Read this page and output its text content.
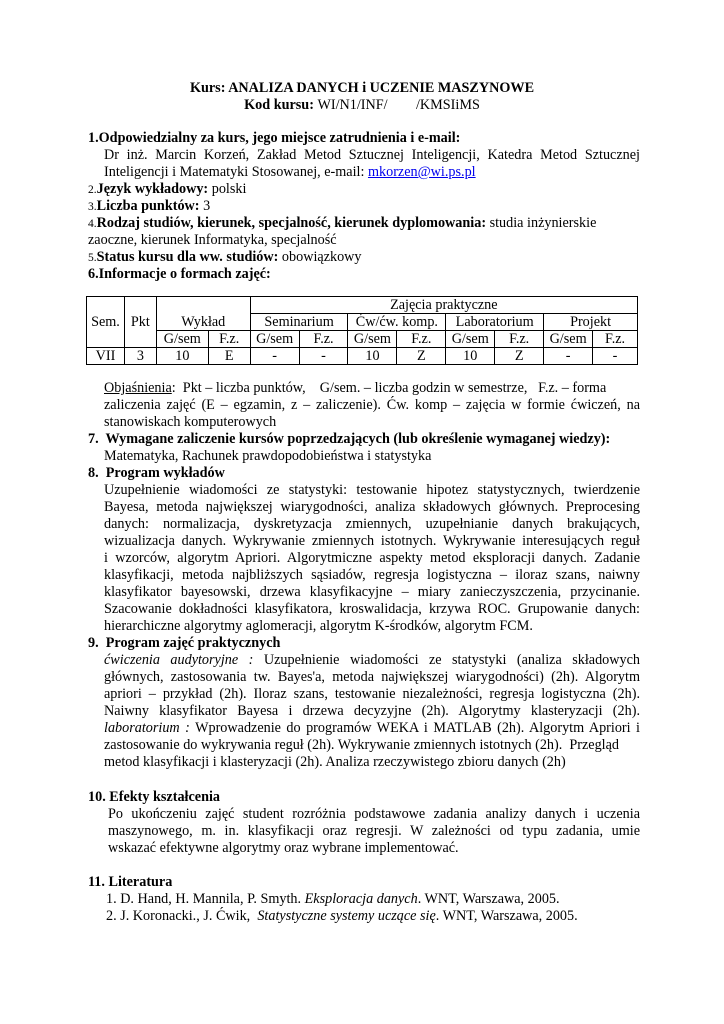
Kurs: ANALIZA DANYCH i UCZENIE MASZYNOWE
Kod kursu: WI/N1/INF/        /KMSIiMS
1.Odpowiedzialny za kurs, jego miejsce zatrudnienia i e-mail:
Dr inż. Marcin Korzeń, Zakład Metod Sztucznej Inteligencji, Katedra Metod Sztucznej
Inteligencji i Matematyki Stosowanej, e-mail: mkorzen@wi.ps.pl
2.Język wykładowy: polski
3.Liczba punktów: 3
4.Rodzaj studiów, kierunek, specjalność, kierunek dyplomowania: studia inżynierskie
zaoczne, kierunek Informatyka, specjalność
5.Status kursu dla ww. studiów: obowiązkowy
6.Informacje o formach zajęć:
Sem.	Pkt	Wykład		Zajęcia praktyczne							
				Seminarium		Ćw/ćw. komp.		Laboratorium		Projekt	
		G/sem	F.z.	G/sem	F.z.	G/sem	F.z.	G/sem	F.z.	G/sem	F.z.
VII	3	10	E	-	-	10	Z	10	Z	-	-
Objaśnienia:  Pkt – liczba punktów,    G/sem. – liczba godzin w semestrze,   F.z. – forma
zaliczenia zajęć (E – egzamin, z – zaliczenie). Ćw. komp – zajęcia w formie ćwiczeń, na
stanowiskach komputerowych
7.  Wymagane zaliczenie kursów poprzedzających (lub określenie wymaganej wiedzy):
Matematyka, Rachunek prawdopodobieństwa i statystyka
8.  Program wykładów
Uzupełnienie wiadomości ze statystyki: testowanie hipotez statystycznych, twierdzenie
Bayesa, metoda największej wiarygodności, analiza składowych głównych. Preprocesing
danych: normalizacja, dyskretyzacja zmiennych, uzupełnianie danych brakujących,
wizualizacja danych. Wykrywanie zmiennych istotnych. Wykrywanie interesujących reguł
i wzorców, algorytm Apriori. Algorytmiczne aspekty metod eksploracji danych. Zadanie
klasyfikacji, metoda najbliższych sąsiadów, regresja logistyczna – iloraz szans, naiwny
klasyfikator bayesowski, drzewa klasyfikacyjne – miary zanieczyszczenia, przycinanie.
Szacowanie dokładności klasyfikatora, kroswalidacja, krzywa ROC. Grupowanie danych:
hierarchiczne algorytmy aglomeracji, algorytm K-środków, algorytm FCM.
9.  Program zajęć praktycznych
ćwiczenia audytoryjne : Uzupełnienie wiadomości ze statystyki (analiza składowych
głównych, zastosowania tw. Bayes'a, metoda największej wiarygodności) (2h). Algorytm
apriori – przykład (2h). Iloraz szans, testowanie niezależności, regresja logistyczna (2h).
Naiwny klasyfikator Bayesa i drzewa decyzyjne (2h). Algorytmy klasteryzacji (2h).
laboratorium : Wprowadzenie do programów WEKA i MATLAB (2h). Algorytm Apriori i
zastosowanie do wykrywania reguł (2h). Wykrywanie zmiennych istotnych (2h).  Przegląd
metod klasyfikacji i klasteryzacji (2h). Analiza rzeczywistego zbioru danych (2h)
10. Efekty kształcenia
Po ukończeniu zajęć student rozróżnia podstawowe zadania analizy danych i uczenia
maszynowego, m. in. klasyfikacji oraz regresji. W zależności od typu zadania, umie
wskazać efektywne algorytmy oraz wybrane implementować.
11. Literatura
1. D. Hand, H. Mannila, P. Smyth. Eksploracja danych. WNT, Warszawa, 2005.
2. J. Koronacki., J. Ćwik,  Statystyczne systemy uczące się. WNT, Warszawa, 2005.
